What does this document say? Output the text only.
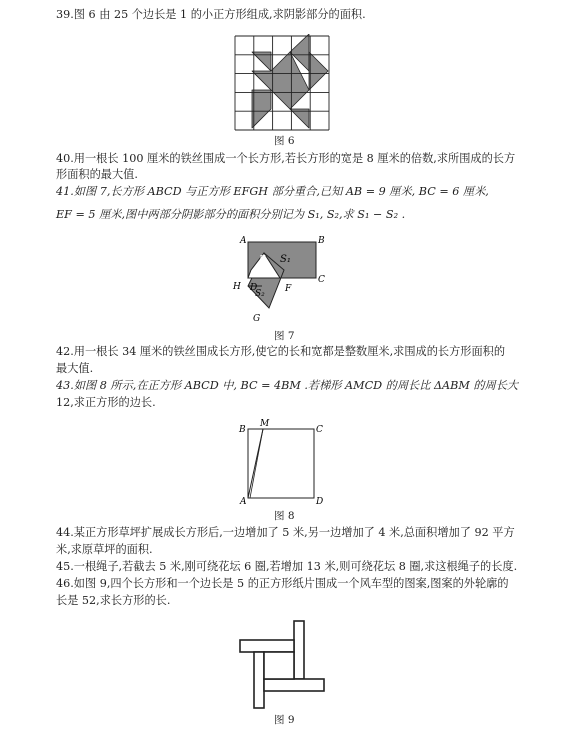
39.图 6 由 25 个边长是 1 的小正方形组成,求阴影部分的面积.
图 6
40.用一根长 100 厘米的铁丝围成一个长方形,若长方形的宽是 8 厘米的倍数,求所围成的长方
形面积的最大值.
41.如图 7,长方形 ABCD 与正方形 EFGH 部分重合,已知 AB = 9 厘米, BC = 6 厘米,
EF = 5 厘米,图中两部分阴影部分的面积分别记为 S₁, S₂,求 S₁ − S₂ .
A	B
C
E
H D	F
G
S₁
S₂
图 7
42.用一根长 34 厘米的铁丝围成长方形,使它的长和宽都是整数厘米,求围成的长方形面积的
最大值.
43.如图 8 所示,在正方形 ABCD 中, BC = 4BM .若梯形 AMCD 的周长比 ΔABM 的周长大
12,求正方形的边长.
B
M
C
A	D
图 8
44.某正方形草坪扩展成长方形后,一边增加了 5 米,另一边增加了 4 米,总面积增加了 92 平方
米,求原草坪的面积.
45.一根绳子,若截去 5 米,刚可绕花坛 6 圈,若增加 13 米,则可绕花坛 8 圈,求这根绳子的长度.
46.如图 9,四个长方形和一个边长是 5 的正方形纸片围成一个风车型的图案,图案的外轮廓的
长是 52,求长方形的长.
图 9
